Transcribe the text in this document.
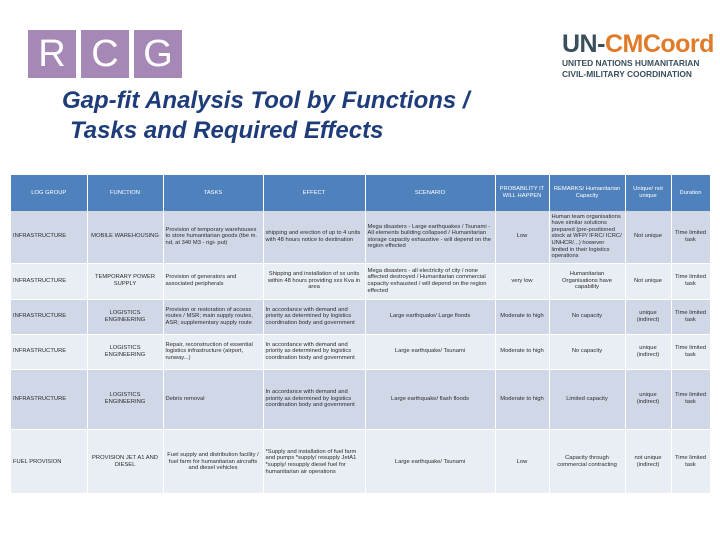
R C G	UN-CMCoord
UNITED NATIONS HUMANITARIAN
CIVIL-MILITARY COORDINATION
Gap-fit Analysis Tool by Functions /
Tasks and Required Effects
LOG GROUP	FUNCTION	TASKS	EFFECT	SCENARIO	PROBABILITY IT WILL HAPPEN	REMARKS/ Humanitarian Capacity	Unique/ not unique	Duration
INFRASTRUCTURE	MOBILE WAREHOUSING	Provision of temporary warehouses to store humanitarian goods (tbe m. nd, at 340 M3 - rigi- put)	shipping and erection of up to 4 units with 48 hours notice to destination	Mega disasters - Large earthquakes / Tsunami - All elements building collapsed / Humanitarian storage capacity exhaustive - will depend on the region effected	Low	Human team organisations have similar solutions prepared (pre-positioned stock at WFP/ IFRC/ ICRC/ UNHCR/...) however limited in their logistics operations	Not unique	Time limited task
INFRASTRUCTURE	TEMPORARY POWER SUPPLY	Provision of generators and associated peripherals	Shipping and installation of xx units within 48 hours providing xxx Kva in area	Mega disasters - all electricity of city / none affected destroyed / Humanitarian commercial capacity exhausted / will depend on the region effected	very low	Humanitarian Organisations have capability	Not unique	Time limited task
INFRASTRUCTURE	LOGISTICS ENGINEERING	Provision or restoration of access routes / MSR; main supply routes, ASR; supplementary supply route	In accordance with demand and priority as determined by logistics coordination body and government	Large earthquake/ Large floods	Moderate to high	No capacity	unique (indirect)	Time limited task
INFRASTRUCTURE	LOGISTICS ENGINEERING	Repair, reconstruction of essential logistics infrastructure (airport, runway...)	In accordance with demand and priority as determined by logistics coordination body and government	Large earthquake/ Tsunami	Moderate to high	No capacity	unique (indirect)	Time limited task
INFRASTRUCTURE	LOGISTICS ENGINEERING	Debris removal	In accordance with demand and priority as determined by logistics coordination body and government	Large earthquake/ flash floods	Moderate to high	Limited capacity	unique (indirect)	Time limited task
FUEL PROVISION	PROVISION JET A1 AND DIESEL	Fuel supply and distribution facility / fuel farm for humanitarian aircrafts and diesel vehicles	*Supply and installation of fuel farm and pumps *supply/ resupply JetA1 *supply/ resupply diesel fuel for humanitarian air operations	Large earthquake/ Tsunami	Low	Capacity through commercial contracting	not unique (indirect)	Time limited task
